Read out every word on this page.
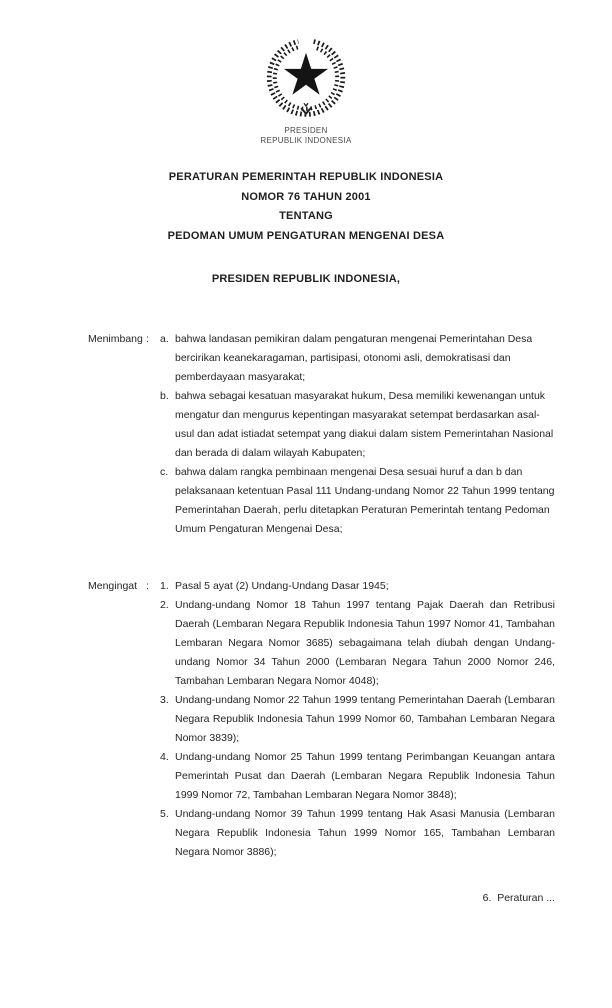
PRESIDEN
REPUBLIK INDONESIA
PERATURAN PEMERINTAH REPUBLIK INDONESIA
NOMOR 76 TAHUN 2001
TENTANG
PEDOMAN UMUM PENGATURAN MENGENAI DESA
PRESIDEN REPUBLIK INDONESIA,
Menimbang :	a. bahwa landasan pemikiran dalam pengaturan mengenai Pemerintahan Desa bercirikan keanekaragaman, partisipasi, otonomi asli, demokratisasi dan pemberdayaan masyarakat;
b. bahwa sebagai kesatuan masyarakat hukum, Desa memiliki kewenangan untuk mengatur dan mengurus kepentingan masyarakat setempat berdasarkan asal-usul dan adat istiadat setempat yang diakui dalam sistem Pemerintahan Nasional dan berada di dalam wilayah Kabupaten;
c. bahwa dalam rangka pembinaan mengenai Desa sesuai huruf a dan b dan pelaksanaan ketentuan Pasal 111 Undang-undang Nomor 22 Tahun 1999 tentang Pemerintahan Daerah, perlu ditetapkan Peraturan Pemerintah tentang Pedoman Umum Pengaturan Mengenai Desa;
Mengingat :	1. Pasal 5 ayat (2) Undang-Undang Dasar 1945;
2. Undang-undang Nomor 18 Tahun 1997 tentang Pajak Daerah dan Retribusi Daerah (Lembaran Negara Republik Indonesia Tahun 1997 Nomor 41, Tambahan Lembaran Negara Nomor 3685) sebagaimana telah diubah dengan Undang-undang Nomor 34 Tahun 2000 (Lembaran Negara Tahun 2000 Nomor 246, Tambahan Lembaran Negara Nomor 4048);
3. Undang-undang Nomor 22 Tahun 1999 tentang Pemerintahan Daerah (Lembaran Negara Republik Indonesia Tahun 1999 Nomor 60, Tambahan Lembaran Negara Nomor 3839);
4. Undang-undang Nomor 25 Tahun 1999 tentang Perimbangan Keuangan antara Pemerintah Pusat dan Daerah (Lembaran Negara Republik Indonesia Tahun 1999 Nomor 72, Tambahan Lembaran Negara Nomor 3848);
5. Undang-undang Nomor 39 Tahun 1999 tentang Hak Asasi Manusia (Lembaran Negara Republik Indonesia Tahun 1999 Nomor 165, Tambahan Lembaran Negara Nomor 3886);
6.  Peraturan ...
